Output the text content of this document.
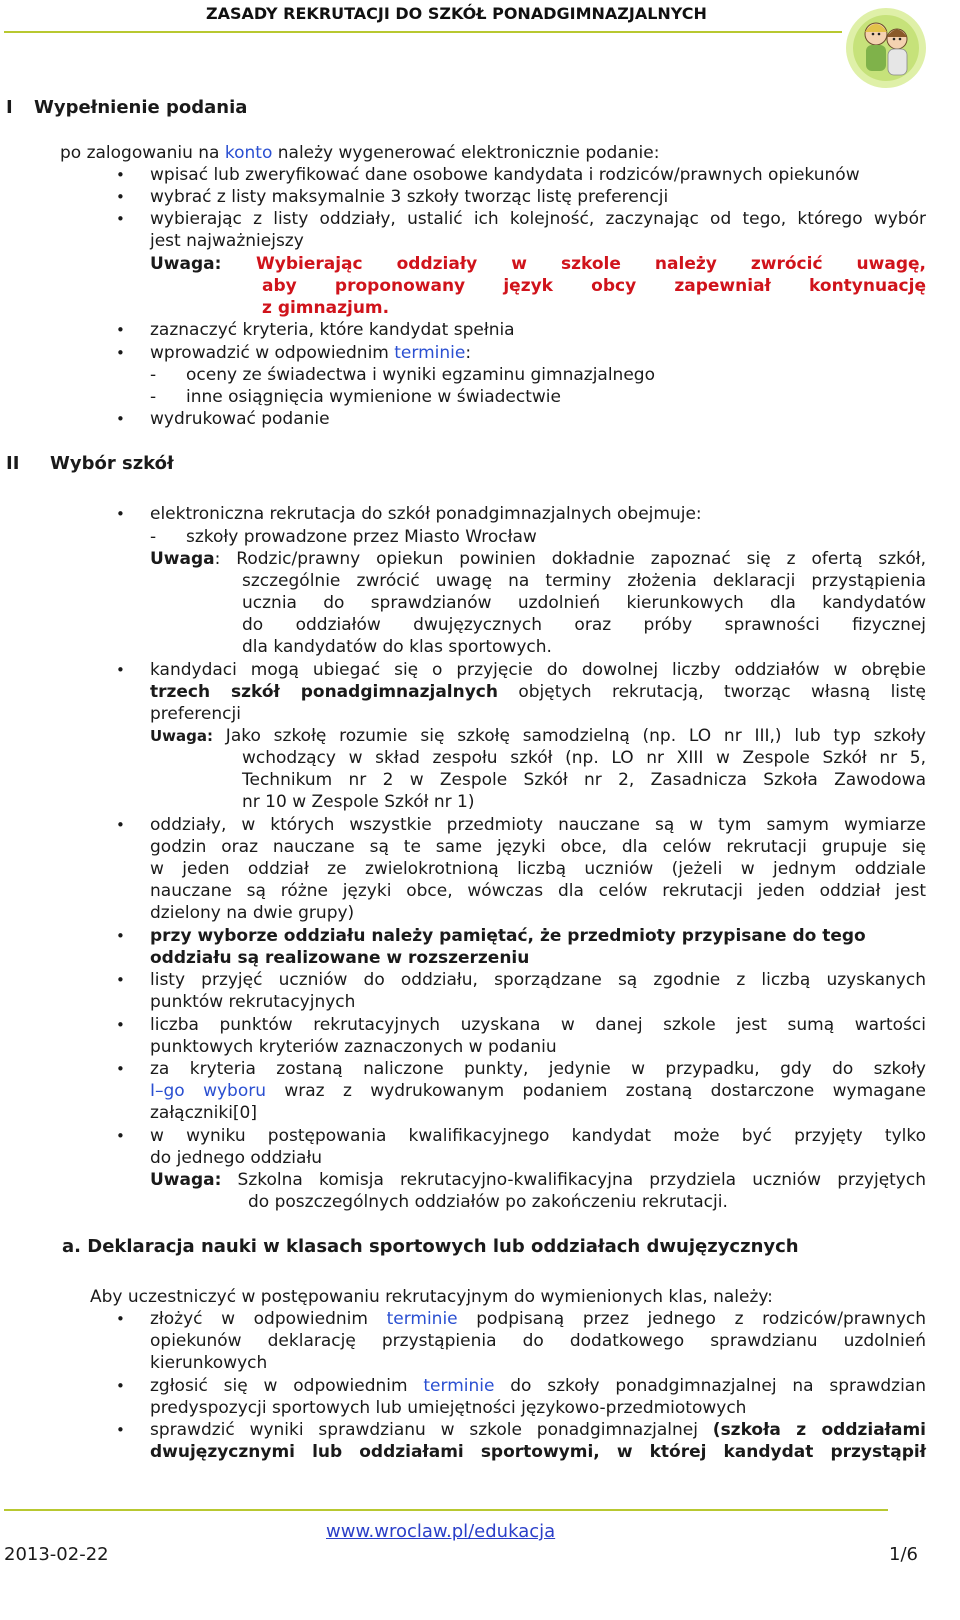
ZASADY REKRUTACJI DO SZKÓŁ PONADGIMNAZJALNYCH
I Wypełnienie podania
po zalogowaniu na konto należy wygenerować elektronicznie podanie:
• wpisać lub zweryfikować dane osobowe kandydata i rodziców/prawnych opiekunów
• wybrać z listy maksymalnie 3 szkoły tworząc listę preferencji
• wybierając z listy oddziały, ustalić ich kolejność, zaczynając od tego, którego wybór
jest najważniejszy
Uwaga: Wybierając oddziały w szkole należy zwrócić uwagę,
aby proponowany język obcy zapewniał kontynuację
z gimnazjum.
• zaznaczyć kryteria, które kandydat spełnia
• wprowadzić w odpowiednim terminie:
- oceny ze świadectwa i wyniki egzaminu gimnazjalnego
- inne osiągnięcia wymienione w świadectwie
• wydrukować podanie
II Wybór szkół
• elektroniczna rekrutacja do szkół ponadgimnazjalnych obejmuje:
- szkoły prowadzone przez Miasto Wrocław
Uwaga: Rodzic/prawny opiekun powinien dokładnie zapoznać się z ofertą szkół,
szczególnie zwrócić uwagę na terminy złożenia deklaracji przystąpienia
ucznia do sprawdzianów uzdolnień kierunkowych dla kandydatów
do oddziałów dwujęzycznych oraz próby sprawności fizycznej
dla kandydatów do klas sportowych.
• kandydaci mogą ubiegać się o przyjęcie do dowolnej liczby oddziałów w obrębie
trzech szkół ponadgimnazjalnych objętych rekrutacją, tworząc własną listę
preferencji
Uwaga: Jako szkołę rozumie się szkołę samodzielną (np. LO nr III,) lub typ szkoły
wchodzący w skład zespołu szkół (np. LO nr XIII w Zespole Szkół nr 5,
Technikum nr 2 w Zespole Szkół nr 2, Zasadnicza Szkoła Zawodowa
nr 10 w Zespole Szkół nr 1)
• oddziały, w których wszystkie przedmioty nauczane są w tym samym wymiarze
godzin oraz nauczane są te same języki obce, dla celów rekrutacji grupuje się
w jeden oddział ze zwielokrotnioną liczbą uczniów (jeżeli w jednym oddziale
nauczane są różne języki obce, wówczas dla celów rekrutacji jeden oddział jest
dzielony na dwie grupy)
• przy wyborze oddziału należy pamiętać, że przedmioty przypisane do tego
oddziału są realizowane w rozszerzeniu
• listy przyjęć uczniów do oddziału, sporządzane są zgodnie z liczbą uzyskanych
punktów rekrutacyjnych
• liczba punktów rekrutacyjnych uzyskana w danej szkole jest sumą wartości
punktowych kryteriów zaznaczonych w podaniu
• za kryteria zostaną naliczone punkty, jedynie w przypadku, gdy do szkoły
I–go wyboru wraz z wydrukowanym podaniem zostaną dostarczone wymagane
załączniki[0]
• w wyniku postępowania kwalifikacyjnego kandydat może być przyjęty tylko
do jednego oddziału
Uwaga: Szkolna komisja rekrutacyjno-kwalifikacyjna przydziela uczniów przyjętych
do poszczególnych oddziałów po zakończeniu rekrutacji.
a. Deklaracja nauki w klasach sportowych lub oddziałach dwujęzycznych
Aby uczestniczyć w postępowaniu rekrutacyjnym do wymienionych klas, należy:
• złożyć w odpowiednim terminie podpisaną przez jednego z rodziców/prawnych
opiekunów deklarację przystąpienia do dodatkowego sprawdzianu uzdolnień
kierunkowych
• zgłosić się w odpowiednim terminie do szkoły ponadgimnazjalnej na sprawdzian
predyspozycji sportowych lub umiejętności językowo-przedmiotowych
• sprawdzić wyniki sprawdzianu w szkole ponadgimnazjalnej (szkoła z oddziałami
dwujęzycznymi lub oddziałami sportowymi, w której kandydat przystąpił
www.wroclaw.pl/edukacja
2013-02-22	1/6
